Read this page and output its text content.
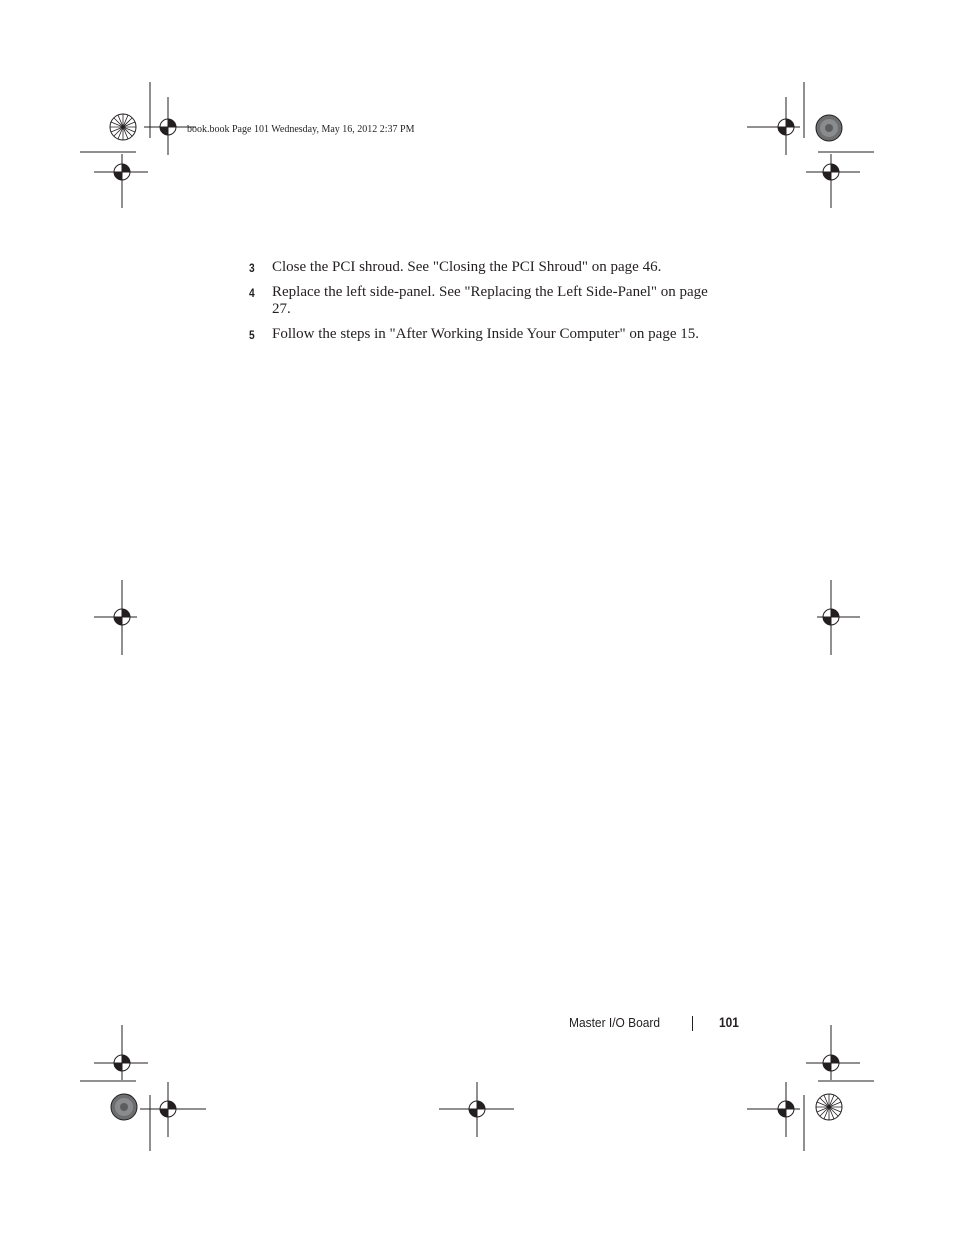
book.book Page 101 Wednesday, May 16, 2012 2:37 PM
3 Close the PCI shroud. See "Closing the PCI Shroud" on page 46.
4 Replace the left side-panel. See "Replacing the Left Side-Panel" on page 27.
5 Follow the steps in "After Working Inside Your Computer" on page 15.
Master I/O Board	101
